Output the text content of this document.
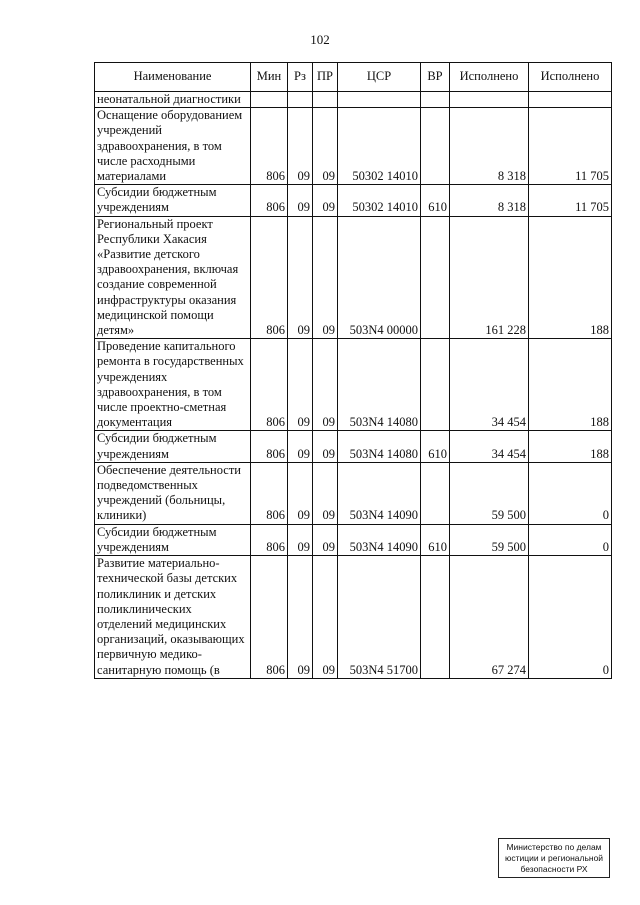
102
Наименование	Мин	Рз	ПР	ЦСР	ВР	Исполнено	Исполнено
неонатальной диагностики							
Оснащение оборудованием учреждений здравоохранения, в том числе расходными материалами	806	09	09	50302 14010		8 318	11 705
Субсидии бюджетным учреждениям	806	09	09	50302 14010	610	8 318	11 705
Региональный проект Республики Хакасия «Развитие детского здравоохранения, включая создание современной инфраструктуры оказания медицинской помощи детям»	806	09	09	503N4 00000		161 228	188
Проведение капитального ремонта в государственных учреждениях здравоохранения, в том числе проектно-сметная документация	806	09	09	503N4 14080		34 454	188
Субсидии бюджетным учреждениям	806	09	09	503N4 14080	610	34 454	188
Обеспечение деятельности подведомственных учреждений (больницы, клиники)	806	09	09	503N4 14090		59 500	0
Субсидии бюджетным учреждениям	806	09	09	503N4 14090	610	59 500	0
Развитие материально-технической базы детских поликлиник и детских поликлинических отделений медицинских организаций, оказывающих первичную медико-санитарную помощь (в	806	09	09	503N4 51700		67 274	0
Министерство по делам
юстиции и региональной
безопасности РХ
